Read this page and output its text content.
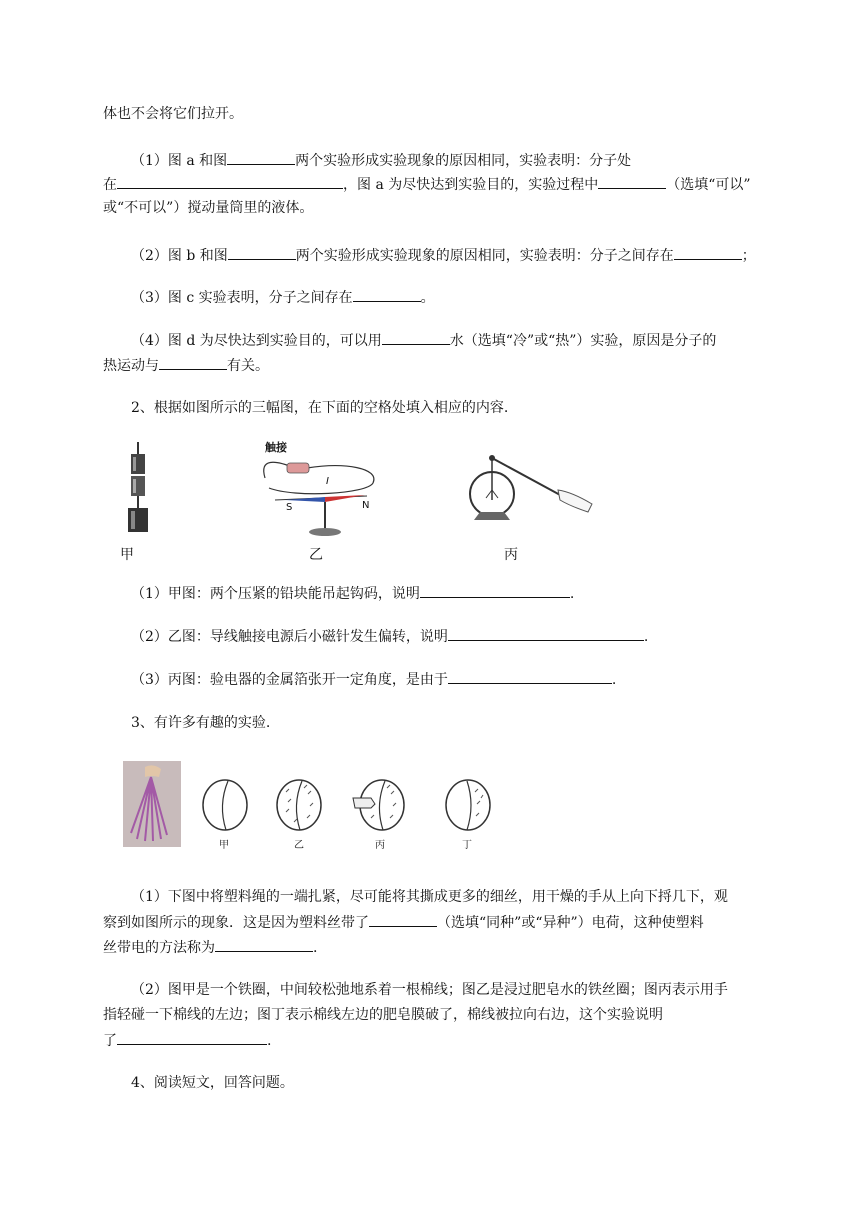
体也不会将它们拉开。
（1）图 a 和图	两个实验形成实验现象的原因相同，实验表明：分子处
在	，图 a 为尽快达到实验目的，实验过程中	（选填“可以”
或“不可以”）搅动量筒里的液体。
（2）图 b 和图	两个实验形成实验现象的原因相同，实验表明：分子之间存在	；
（3）图 c 实验表明，分子之间存在	。
（4）图 d 为尽快达到实验目的，可以用	水（选填“冷”或“热”）实验，原因是分子的
热运动与	有关。
2、根据如图所示的三幅图，在下面的空格处填入相应的内容.
甲
触接
S	N
I
乙	丙
（1）甲图：两个压紧的铅块能吊起钩码，说明	.
（2）乙图：导线触接电源后小磁针发生偏转，说明	.
（3）丙图：验电器的金属箔张开一定角度，是由于	.
3、有许多有趣的实验.
甲	乙	丙	丁
（1）下图中将塑料绳的一端扎紧，尽可能将其撕成更多的细丝，用干燥的手从上向下捋几下，观
察到如图所示的现象．这是因为塑料丝带了	（选填“同种”或“异种”）电荷，这种使塑料
丝带电的方法称为	.
（2）图甲是一个铁圈，中间较松弛地系着一根棉线；图乙是浸过肥皂水的铁丝圈；图丙表示用手
指轻碰一下棉线的左边；图丁表示棉线左边的肥皂膜破了，棉线被拉向右边，这个实验说明
了	.
4、阅读短文，回答问题。
